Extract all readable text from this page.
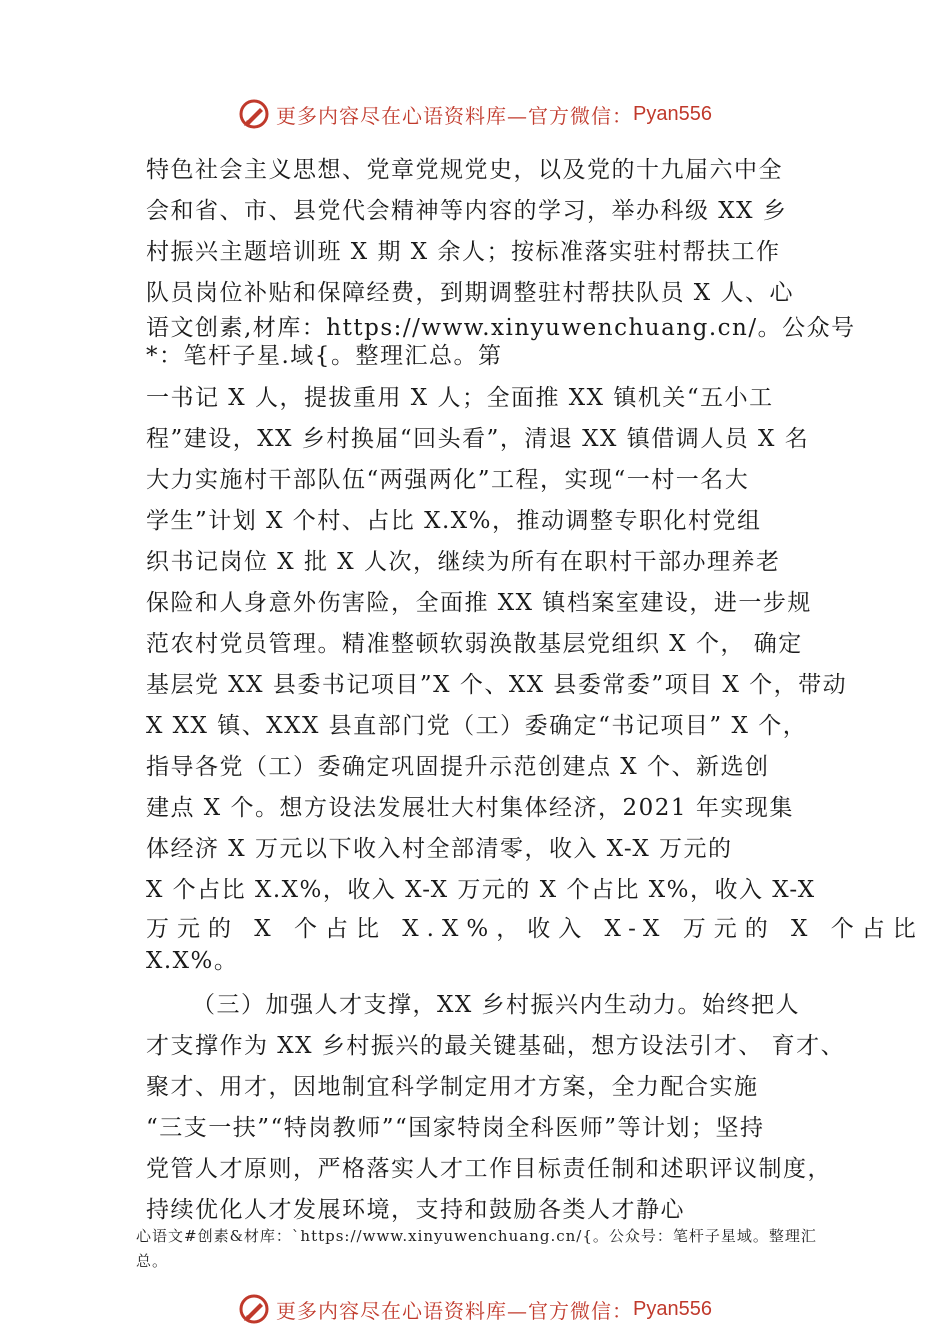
更多内容尽在心语资料库—官方微信： Pyan556
特色社会主义思想、党章党规党史，以及党的十九届六中全
会和省、市、县党代会精神等内容的学习，举办科级 XX 乡
村振兴主题培训班 X 期 X 余人；按标准落实驻村帮扶工作
队员岗位补贴和保障经费，到期调整驻村帮扶队员 X 人、心
语文创素,材库：https://www.xinyuwenchuang.cn/。公众号
*：笔杆子星.域{。整理汇总。第
一书记 X 人，提拔重用 X 人；全面推 XX 镇机关“五小工
程”建设，XX 乡村换届“回头看”，清退 XX 镇借调人员 X 名
大力实施村干部队伍“两强两化”工程，实现“一村一名大
学生”计划 X 个村、占比 X.X%，推动调整专职化村党组
织书记岗位 X 批 X 人次，继续为所有在职村干部办理养老
保险和人身意外伤害险，全面推 XX 镇档案室建设，进一步规
范农村党员管理。精准整顿软弱涣散基层党组织 X 个， 确定
基层党 XX 县委书记项目”X 个、XX 县委常委”项目 X 个，带动
X XX 镇、XXX 县直部门党（工）委确定“书记项目” X 个，
指导各党（工）委确定巩固提升示范创建点 X 个、新选创
建点 X 个。想方设法发展壮大村集体经济，2021 年实现集
体经济 X 万元以下收入村全部清零，收入 X-X 万元的
X 个占比 X.X%，收入 X-X 万元的 X 个占比 X%，收入 X-X
万元的 X 个占比 X.X%，收入 X-X 万元的 X 个占比
X.X%。
（三）加强人才支撑，XX 乡村振兴内生动力。始终把人
才支撑作为 XX 乡村振兴的最关键基础，想方设法引才、 育才、
聚才、用才，因地制宜科学制定用才方案，全力配合实施
“三支一扶”“特岗教师”“国家特岗全科医师”等计划；坚持
党管人才原则，严格落实人才工作目标责任制和述职评议制度，
持续优化人才发展环境，支持和鼓励各类人才静心
心语文#创素&材库：`https://www.xinyuwenchuang.cn/{。公众号：笔杆子星域。整理汇总。
更多内容尽在心语资料库—官方微信： Pyan556
